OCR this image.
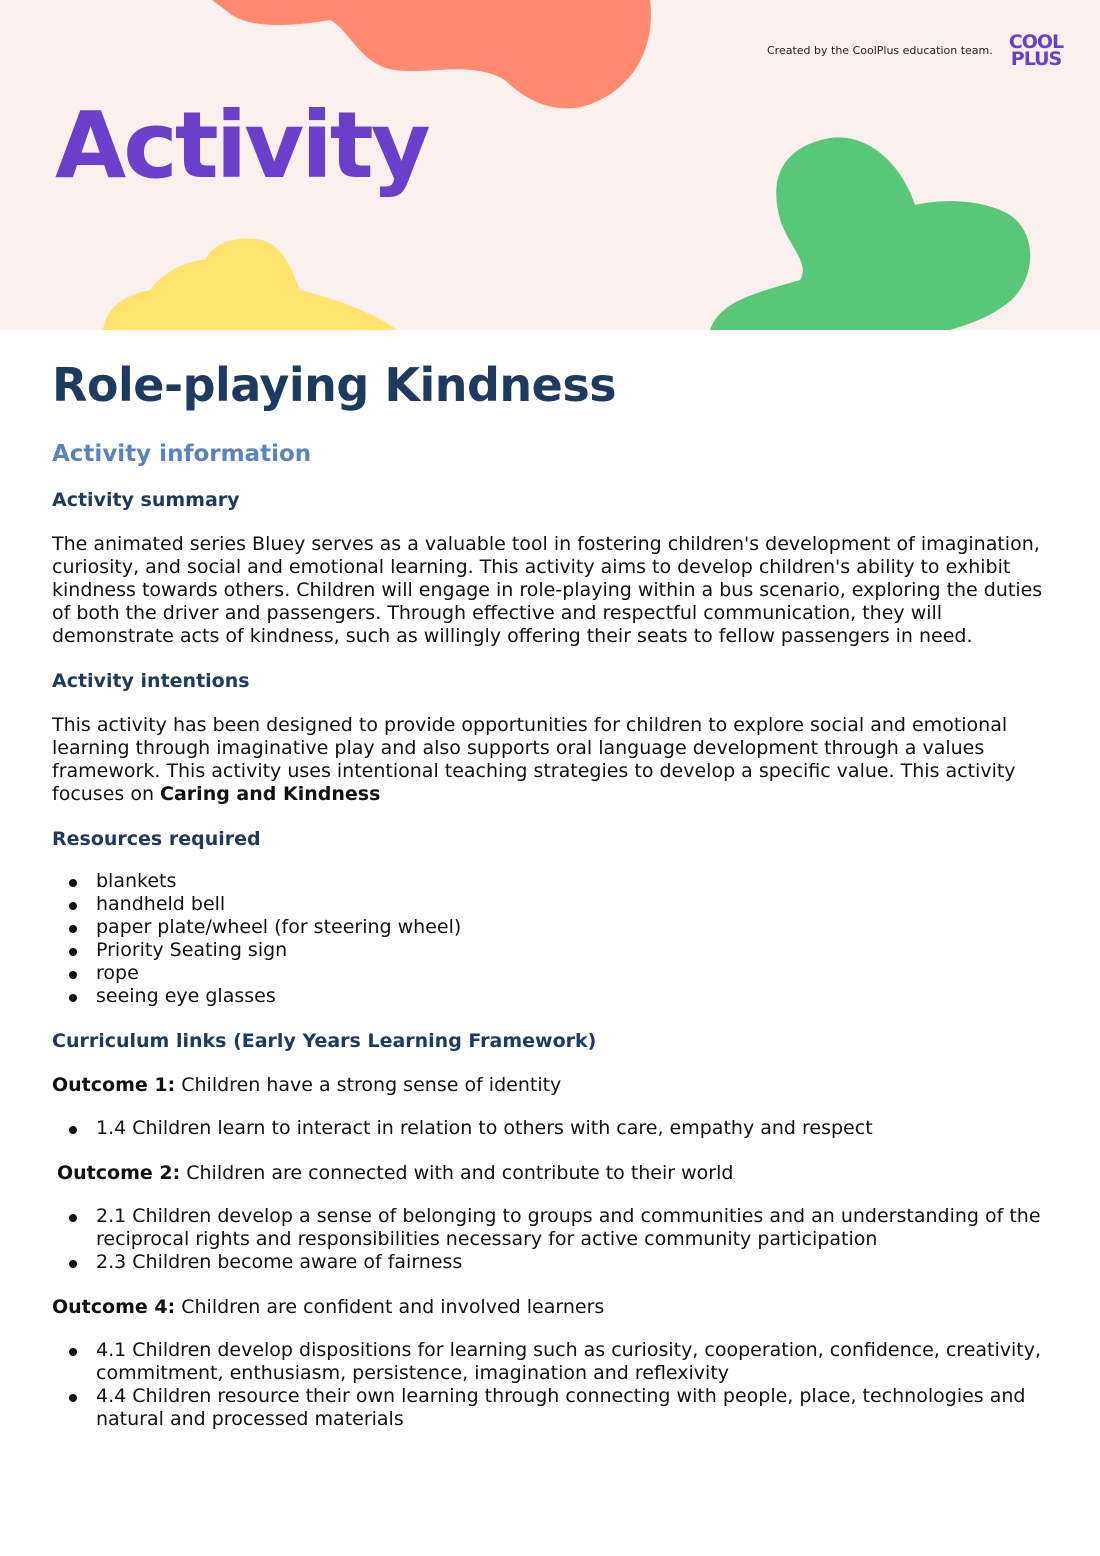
Activity
Created by the CoolPlus education team. COOL
PLUS
Role-playing Kindness
Activity information
Activity summary

The animated series Bluey serves as a valuable tool in fostering children's development of imagination, curiosity, and social and emotional learning. This activity aims to develop children's ability to exhibit kindness towards others. Children will engage in role-playing within a bus scenario, exploring the duties of both the driver and passengers. Through effective and respectful communication, they will demonstrate acts of kindness, such as willingly offering their seats to fellow passengers in need.

Activity intentions

This activity has been designed to provide opportunities for children to explore social and emotional learning through imaginative play and also supports oral language development through a values framework. This activity uses intentional teaching strategies to develop a specific value. This activity focuses on Caring and Kindness

Resources required
blankets
handheld bell
paper plate/wheel (for steering wheel)
Priority Seating sign
rope
seeing eye glasses
Curriculum links (Early Years Learning Framework)
Outcome 1: Children have a strong sense of identity
1.4 Children learn to interact in relation to others with care, empathy and respect
Outcome 2: Children are connected with and contribute to their world
2.1 Children develop a sense of belonging to groups and communities and an understanding of the reciprocal rights and responsibilities necessary for active community participation
2.3 Children become aware of fairness
Outcome 4: Children are confident and involved learners
4.1 Children develop dispositions for learning such as curiosity, cooperation, confidence, creativity, commitment, enthusiasm, persistence, imagination and reflexivity
4.4 Children resource their own learning through connecting with people, place, technologies and natural and processed materials
